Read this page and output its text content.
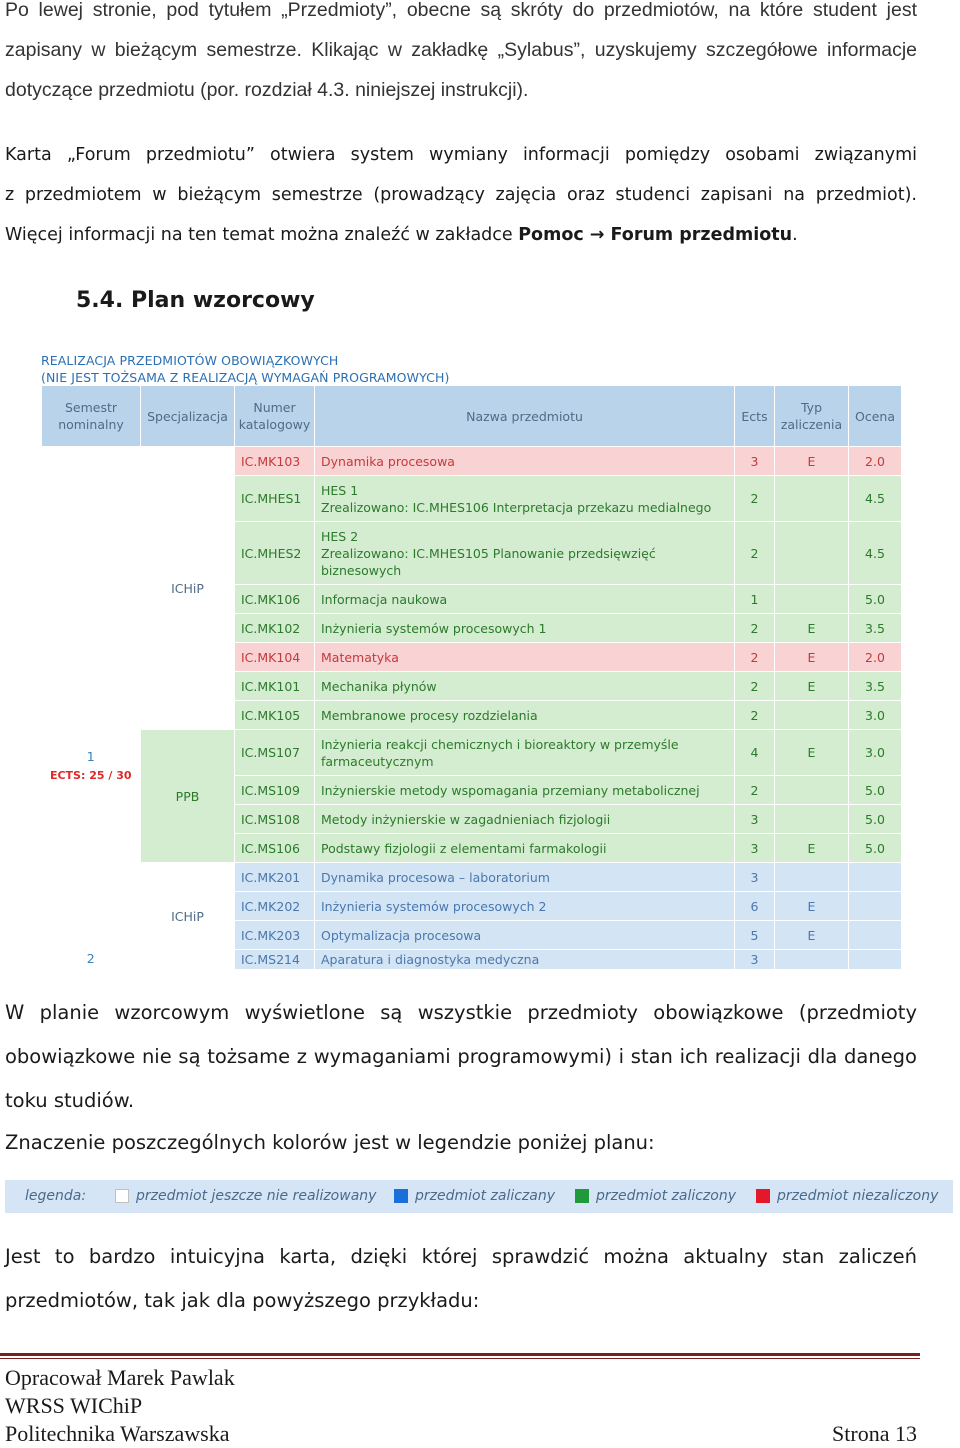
Po lewej stronie, pod tytułem „Przedmioty”, obecne są skróty do przedmiotów, na które student jest
zapisany w bieżącym semestrze. Klikając w zakładkę „Sylabus”, uzyskujemy szczegółowe informacje
dotyczące przedmiotu (por. rozdział 4.3. niniejszej instrukcji).
Karta „Forum przedmiotu” otwiera system wymiany informacji pomiędzy osobami związanymi
z przedmiotem w bieżącym semestrze (prowadzący zajęcia oraz studenci zapisani na przedmiot).
Więcej informacji na ten temat można znaleźć w zakładce Pomoc → Forum przedmiotu.
5.4. Plan wzorcowy
REALIZACJA PRZEDMIOTÓW OBOWIĄZKOWYCH
(NIE JEST TOŻSAMA Z REALIZACJĄ WYMAGAŃ PROGRAMOWYCH)
Semestr
nominalny	Specjalizacja	Numer
katalogowy	Nazwa przedmiotu	Ects	Typ
zaliczenia	Ocena

1
ECTS: 25 / 30	ICHiP	IC.MK103	Dynamika procesowa	3	E	2.0
		IC.MHES1	HES 1
Zrealizowano: IC.MHES106 Interpretacja przekazu medialnego	2		4.5
		IC.MHES2	HES 2
Zrealizowano: IC.MHES105 Planowanie przedsięwzięć
biznesowych	2		4.5
		IC.MK106	Informacja naukowa	1		5.0
		IC.MK102	Inżynieria systemów procesowych 1	2	E	3.5
		IC.MK104	Matematyka	2	E	2.0
		IC.MK101	Mechanika płynów	2	E	3.5
		IC.MK105	Membranowe procesy rozdzielania	2		3.0
	PPB	IC.MS107	Inżynieria reakcji chemicznych i bioreaktory w przemyśle
farmaceutycznym	4	E	3.0
		IC.MS109	Inżynierskie metody wspomagania przemiany metabolicznej	2		5.0
		IC.MS108	Metody inżynierskie w zagadnieniach fizjologii	3		5.0
		IC.MS106	Podstawy fizjologii z elementami farmakologii	3	E	5.0
	ICHiP	IC.MK201	Dynamika procesowa – laboratorium	3		
		IC.MK202	Inżynieria systemów procesowych 2	6	E	
		IC.MK203	Optymalizacja procesowa	5	E	
2		IC.MS214	Aparatura i diagnostyka medyczna	3		
W planie wzorcowym wyświetlone są wszystkie przedmioty obowiązkowe (przedmioty
obowiązkowe nie są tożsame z wymaganiami programowymi) i stan ich realizacji dla danego
toku studiów.
Znaczenie poszczególnych kolorów jest w legendzie poniżej planu:
legenda:	przedmiot jeszcze nie realizowany	przedmiot zaliczany	przedmiot zaliczony	przedmiot niezaliczony
Jest to bardzo intuicyjna karta, dzięki której sprawdzić można aktualny stan zaliczeń
przedmiotów, tak jak dla powyższego przykładu:
Opracował Marek Pawlak
WRSS WIChiP
Politechnika Warszawska	Strona 13
